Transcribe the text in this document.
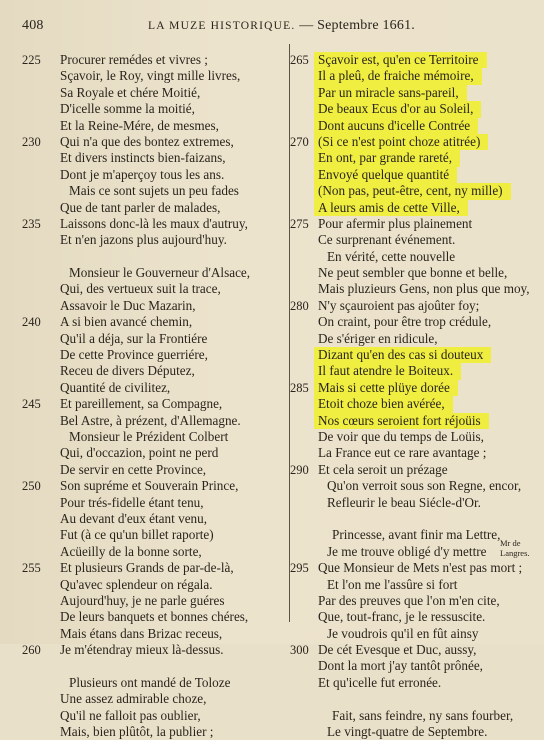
408	LA MUZE HISTORIQUE. — Septembre 1661.
225	Procurer remédes et vivres ;
Sçavoir, le Roy, vingt mille livres,
Sa Royale et chére Moitié,
D'icelle somme la moitié,
Et la Reine-Mére, de mesmes,
230	Qui n'a que des bontez extremes,
Et divers instincts bien-faizans,
Dont je m'aperçoy tous les ans.
Mais ce sont sujets un peu fades
Que de tant parler de malades,
235	Laissons donc-là les maux d'autruy,
Et n'en jazons plus aujourd'huy.
Monsieur le Gouverneur d'Alsace,
Qui, des vertueux suit la trace,
Assavoir le Duc Mazarin,
240	A si bien avancé chemin,
Qu'il a déja, sur la Frontiére
De cette Province guerriére,
Receu de divers Députez,
Quantité de civilitez,
245	Et pareillement, sa Compagne,
Bel Astre, à prézent, d'Allemagne.
Monsieur le Prézident Colbert
Qui, d'occazion, point ne perd
De servir en cette Province,
250	Son supréme et Souverain Prince,
Pour trés-fidelle étant tenu,
Au devant d'eux étant venu,
Fut (à ce qu'un billet raporte)
Acüeilly de la bonne sorte,
255	Et plusieurs Grands de par-de-là,
Qu'avec splendeur on régala.
Aujourd'huy, je ne parle guéres
De leurs banquets et bonnes chéres,
Mais étans dans Brizac receus,
260	Je m'étendray mieux là-dessus.
Plusieurs ont mandé de Toloze
Une assez admirable choze,
Qu'il ne falloit pas oublier,
Mais, bien plûtôt, la publier ;
265 Sçavoir est, qu'en ce Territoire
Il a pleû, de fraiche mémoire,
Par un miracle sans-pareil,
De beaux Ecus d'or au Soleil,
Dont aucuns d'icelle Contrée
270 (Si ce n'est point choze atitrée)
En ont, par grande rareté,
Envoyé quelque quantité
(Non pas, peut-être, cent, ny mille)
A leurs amis de cette Ville,
275 Pour afermir plus plainement
Ce surprenant événement.
En vérité, cette nouvelle
Ne peut sembler que bonne et belle,
Mais pluzieurs Gens, non plus que moy,
280 N'y sçauroient pas ajoûter foy;
On craint, pour être trop crédule,
De s'ériger en ridicule,
Dizant qu'en des cas si douteux
Il faut atendre le Boiteux.
285 Mais si cette plüye dorée
Etoit choze bien avérée,
Nos cœurs seroient fort réjoüis
De voir que du temps de Loüis,
La France eut ce rare avantage ;
290 Et cela seroit un prézage
Qu'on verroit sous son Regne, encor,
Refleurir le beau Siécle-d'Or.
Princesse, avant finir ma Lettre,
Je me trouve obligé d'y mettre
295 Que Monsieur de Mets n'est pas mort ;
Et l'on me l'assûre si fort
Par des preuves que l'on m'en cite,
Que, tout-franc, je le ressuscite.
Je voudrois qu'il en fût ainsy
300 De cét Evesque et Duc, aussy,
Dont la mort j'ay tantôt prônée,
Et qu'icelle fut erronée.
Fait, sans feindre, ny sans fourber,
Le vingt-quatre de Septembre.
Mr de
Langres.
